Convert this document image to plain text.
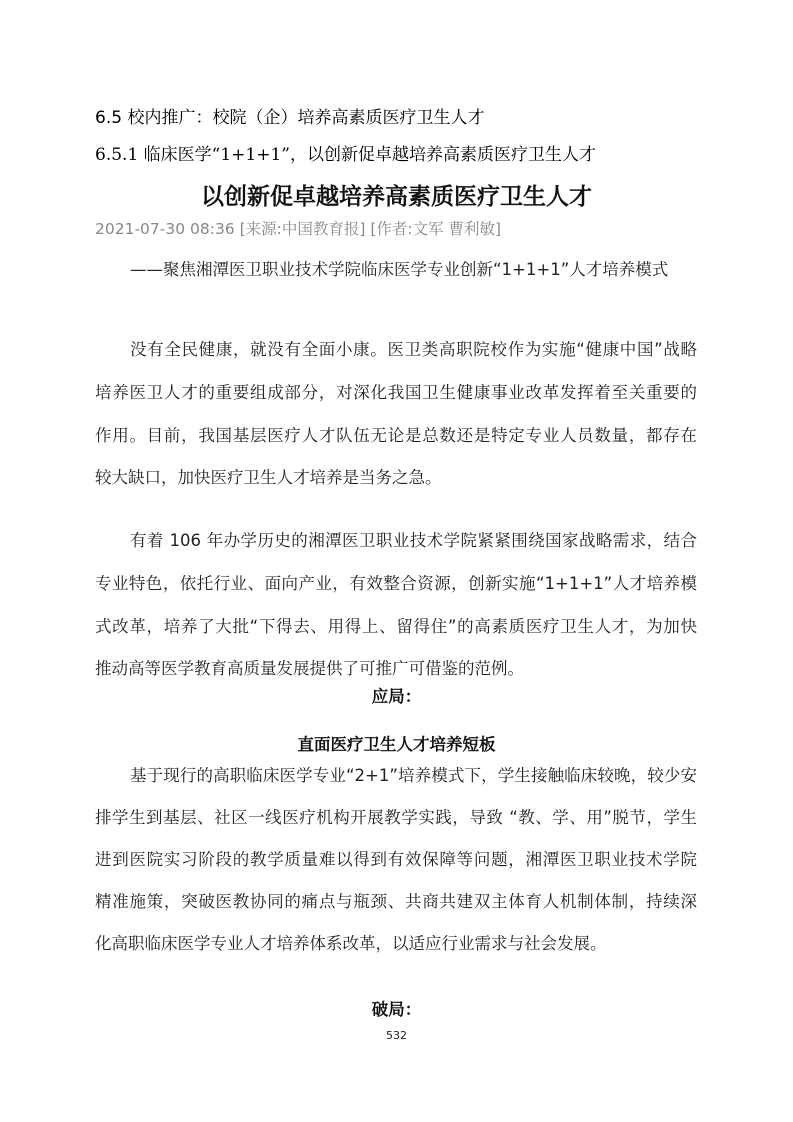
6.5 校内推广：校院（企）培养高素质医疗卫生人才
6.5.1 临床医学“1+1+1”，以创新促卓越培养高素质医疗卫生人才
以创新促卓越培养高素质医疗卫生人才
2021-07-30 08:36 [来源:中国教育报] [作者:文军 曹利敏]
——聚焦湘潭医卫职业技术学院临床医学专业创新“1+1+1”人才培养模式
没有全民健康，就没有全面小康。医卫类高职院校作为实施“健康中国”战略
培养医卫人才的重要组成部分，对深化我国卫生健康事业改革发挥着至关重要的
作用。目前，我国基层医疗人才队伍无论是总数还是特定专业人员数量，都存在
较大缺口，加快医疗卫生人才培养是当务之急。
有着 106 年办学历史的湘潭医卫职业技术学院紧紧围绕国家战略需求，结合
专业特色，依托行业、面向产业，有效整合资源，创新实施“1+1+1”人才培养模
式改革，培养了大批“下得去、用得上、留得住”的高素质医疗卫生人才，为加快
推动高等医学教育高质量发展提供了可推广可借鉴的范例。
应局：
直面医疗卫生人才培养短板
基于现行的高职临床医学专业“2+1”培养模式下，学生接触临床较晚，较少安
排学生到基层、社区一线医疗机构开展教学实践，导致 “教、学、用”脱节，学生
进到医院实习阶段的教学质量难以得到有效保障等问题，湘潭医卫职业技术学院
精准施策，突破医教协同的痛点与瓶颈、共商共建双主体育人机制体制，持续深
化高职临床医学专业人才培养体系改革，以适应行业需求与社会发展。
破局：
532
